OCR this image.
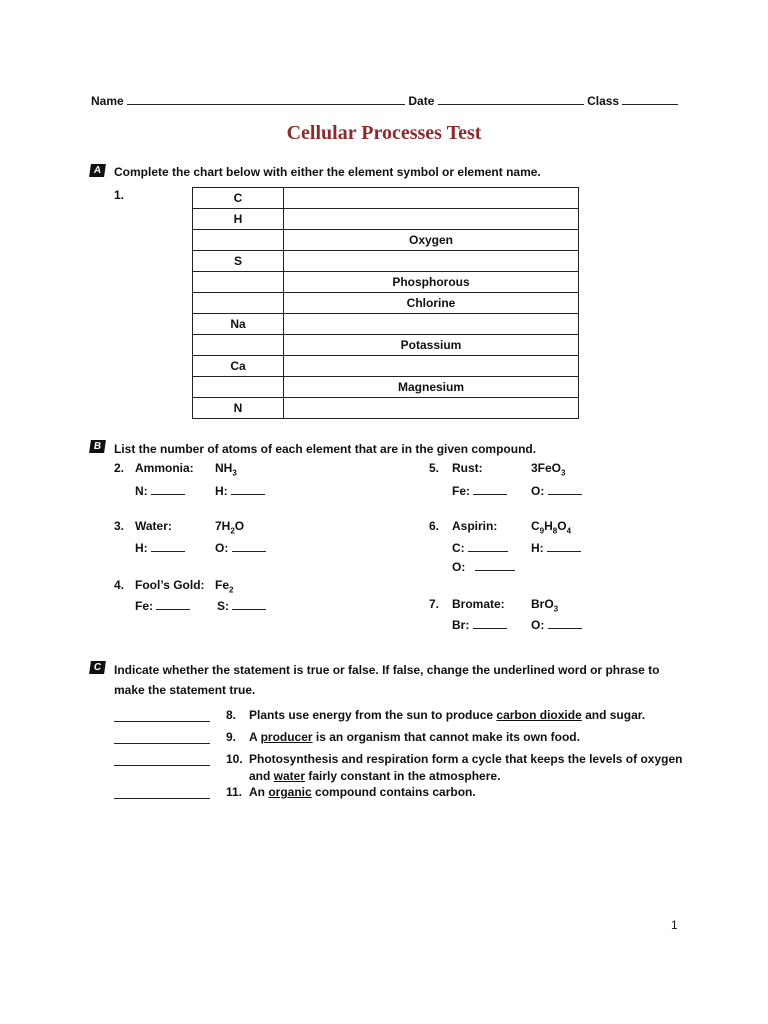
Name	Date	Class
Cellular Processes Test
A	Complete the chart below with either the element symbol or element name.
1.	C	
H	
	Oxygen
S	
	Phosphorous
	Chlorine
Na	
	Potassium
Ca	
	Magnesium
N	
B	List the number of atoms of each element that are in the given compound.
2. Ammonia: $NH_3$
N:	H:
5. Rust:	3FeO$_3$
Fe:	O:
3. Water:	$7H_2O$
H:	O:
6. Aspirin:	$C_9H_8O_4$
C:	H:
O:
4. Fool’s Gold: $Fe_2$
Fe:	S:	7. Bromate: BrO$_3$
Br:	O:
C	Indicate whether the statement is true or false. If false, change the underlined word or phrase to
make the statement true.
8. Plants use energy from the sun to produce carbon dioxide and sugar.
9. A producer is an organism that cannot make its own food.
10. Photosynthesis and respiration form a cycle that keeps the levels of oxygen
and water fairly constant in the atmosphere.
11. An organic compound contains carbon.
1
